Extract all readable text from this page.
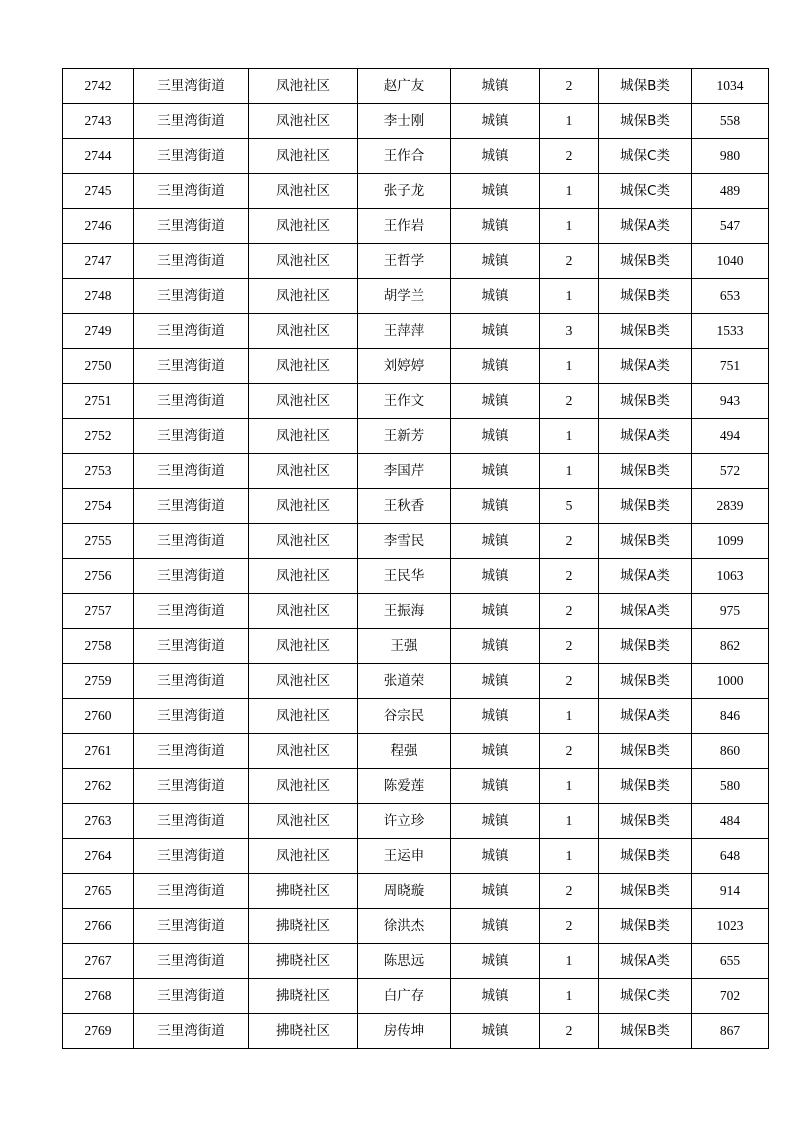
2742	三里湾街道	凤池社区	赵广友	城镇	2	城保B类	1034
2743	三里湾街道	凤池社区	李士刚	城镇	1	城保B类	558
2744	三里湾街道	凤池社区	王作合	城镇	2	城保C类	980
2745	三里湾街道	凤池社区	张子龙	城镇	1	城保C类	489
2746	三里湾街道	凤池社区	王作岩	城镇	1	城保A类	547
2747	三里湾街道	凤池社区	王哲学	城镇	2	城保B类	1040
2748	三里湾街道	凤池社区	胡学兰	城镇	1	城保B类	653
2749	三里湾街道	凤池社区	王萍萍	城镇	3	城保B类	1533
2750	三里湾街道	凤池社区	刘婷婷	城镇	1	城保A类	751
2751	三里湾街道	凤池社区	王作文	城镇	2	城保B类	943
2752	三里湾街道	凤池社区	王新芳	城镇	1	城保A类	494
2753	三里湾街道	凤池社区	李国芹	城镇	1	城保B类	572
2754	三里湾街道	凤池社区	王秋香	城镇	5	城保B类	2839
2755	三里湾街道	凤池社区	李雪民	城镇	2	城保B类	1099
2756	三里湾街道	凤池社区	王民华	城镇	2	城保A类	1063
2757	三里湾街道	凤池社区	王振海	城镇	2	城保A类	975
2758	三里湾街道	凤池社区	王强	城镇	2	城保B类	862
2759	三里湾街道	凤池社区	张道荣	城镇	2	城保B类	1000
2760	三里湾街道	凤池社区	谷宗民	城镇	1	城保A类	846
2761	三里湾街道	凤池社区	程强	城镇	2	城保B类	860
2762	三里湾街道	凤池社区	陈爱莲	城镇	1	城保B类	580
2763	三里湾街道	凤池社区	许立珍	城镇	1	城保B类	484
2764	三里湾街道	凤池社区	王运申	城镇	1	城保B类	648
2765	三里湾街道	拂晓社区	周晓璇	城镇	2	城保B类	914
2766	三里湾街道	拂晓社区	徐洪杰	城镇	2	城保B类	1023
2767	三里湾街道	拂晓社区	陈思远	城镇	1	城保A类	655
2768	三里湾街道	拂晓社区	白广存	城镇	1	城保C类	702
2769	三里湾街道	拂晓社区	房传坤	城镇	2	城保B类	867
